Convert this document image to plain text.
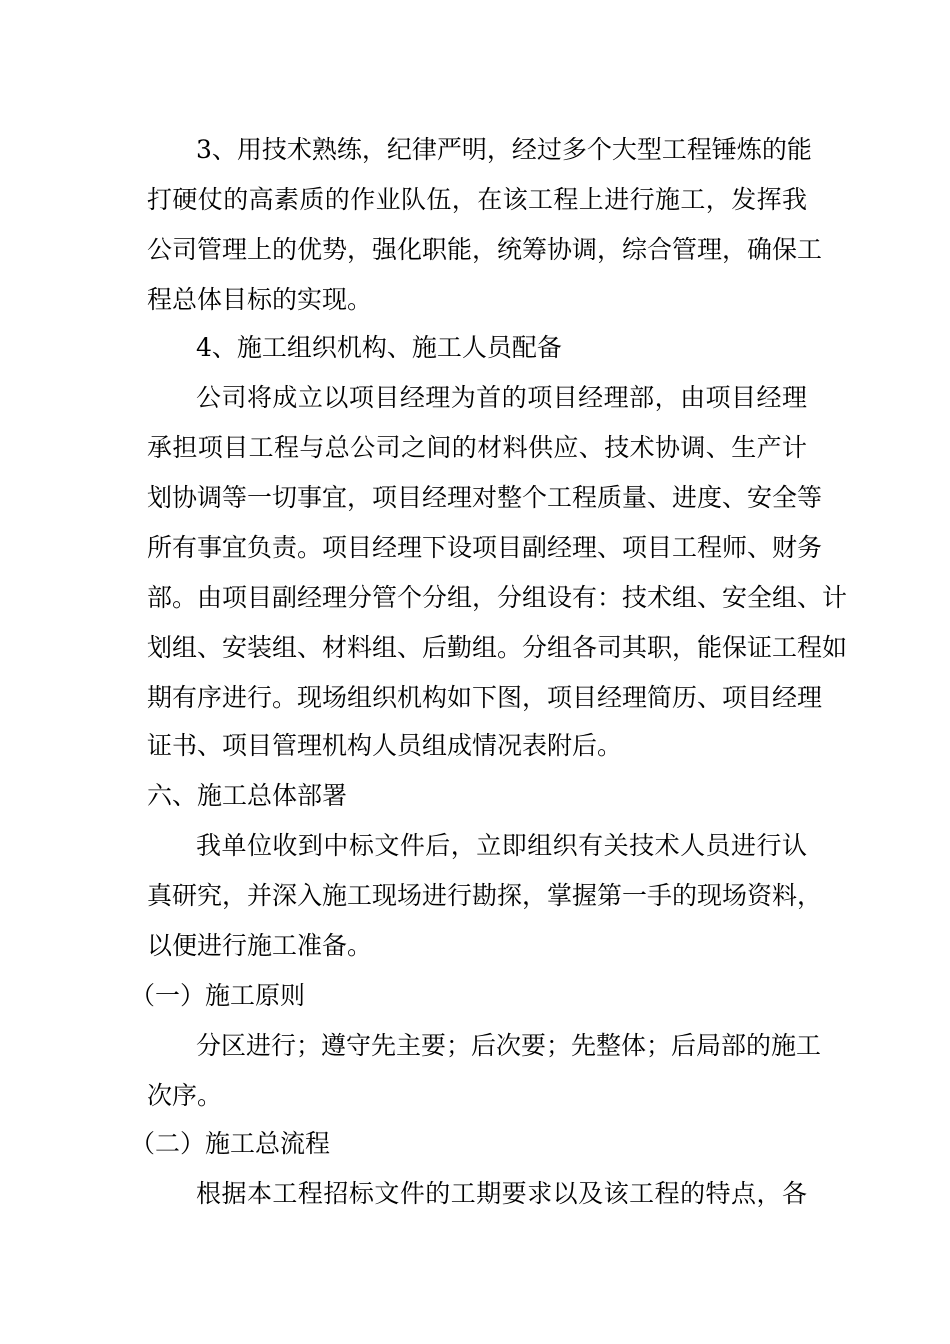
3、用技术熟练，纪律严明，经过多个大型工程锤炼的能
打硬仗的高素质的作业队伍，在该工程上进行施工，发挥我
公司管理上的优势，强化职能，统筹协调，综合管理，确保工
程总体目标的实现。
4、施工组织机构、施工人员配备
公司将成立以项目经理为首的项目经理部，由项目经理
承担项目工程与总公司之间的材料供应、技术协调、生产计
划协调等一切事宜，项目经理对整个工程质量、进度、安全等
所有事宜负责。项目经理下设项目副经理、项目工程师、财务
部。由项目副经理分管个分组，分组设有：技术组、安全组、计
划组、安装组、材料组、后勤组。分组各司其职，能保证工程如
期有序进行。现场组织机构如下图，项目经理简历、项目经理
证书、项目管理机构人员组成情况表附后。
六、施工总体部署
我单位收到中标文件后，立即组织有关技术人员进行认
真研究，并深入施工现场进行勘探，掌握第一手的现场资料，
以便进行施工准备。
（一）施工原则
分区进行；遵守先主要；后次要；先整体；后局部的施工
次序。
（二）施工总流程
根据本工程招标文件的工期要求以及该工程的特点，各
